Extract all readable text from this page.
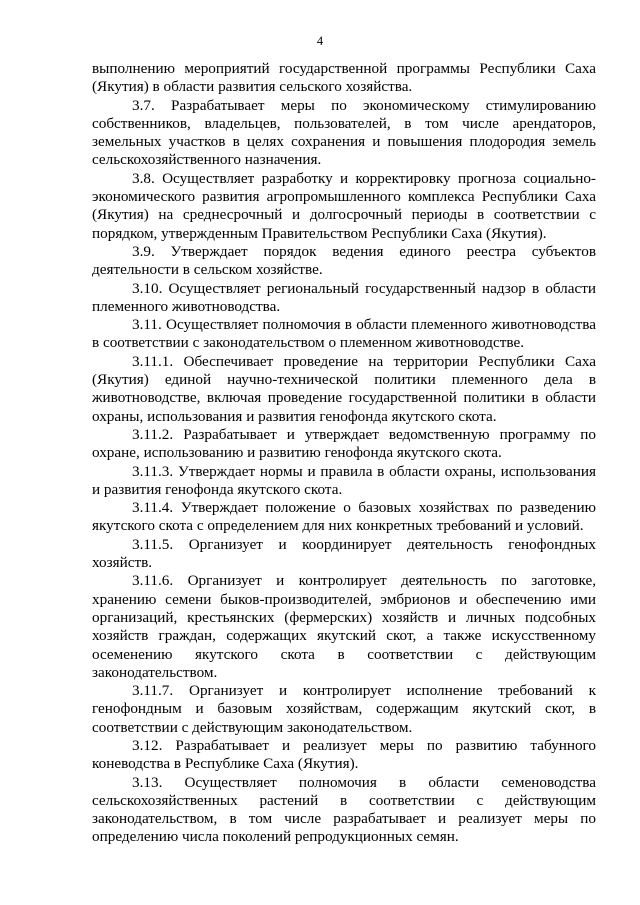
4

выполнению мероприятий государственной программы Республики Саха (Якутия) в области развития сельского хозяйства.

3.7. Разрабатывает меры по экономическому стимулированию собственников, владельцев, пользователей, в том числе арендаторов, земельных участков в целях сохранения и повышения плодородия земель сельскохозяйственного назначения.

3.8. Осуществляет разработку и корректировку прогноза социально-экономического развития агропромышленного комплекса Республики Саха (Якутия) на среднесрочный и долгосрочный периоды в соответствии с порядком, утвержденным Правительством Республики Саха (Якутия).

3.9. Утверждает порядок ведения единого реестра субъектов деятельности в сельском хозяйстве.

3.10. Осуществляет региональный государственный надзор в области племенного животноводства.

3.11. Осуществляет полномочия в области племенного животноводства в соответствии с законодательством о племенном животноводстве.

3.11.1. Обеспечивает проведение на территории Республики Саха (Якутия) единой научно-технической политики племенного дела в животноводстве, включая проведение государственной политики в области охраны, использования и развития генофонда якутского скота.

3.11.2. Разрабатывает и утверждает ведомственную программу по охране, использованию и развитию генофонда якутского скота.

3.11.3. Утверждает нормы и правила в области охраны, использования и развития генофонда якутского скота.

3.11.4. Утверждает положение о базовых хозяйствах по разведению якутского скота с определением для них конкретных требований и условий.

3.11.5. Организует и координирует деятельность генофондных хозяйств.

3.11.6. Организует и контролирует деятельность по заготовке, хранению семени быков-производителей, эмбрионов и обеспечению ими организаций, крестьянских (фермерских) хозяйств и личных подсобных хозяйств граждан, содержащих якутский скот, а также искусственному осеменению якутского скота в соответствии с действующим законодательством.

3.11.7. Организует и контролирует исполнение требований к генофондным и базовым хозяйствам, содержащим якутский скот, в соответствии с действующим законодательством.

3.12. Разрабатывает и реализует меры по развитию табунного коневодства в Республике Саха (Якутия).

3.13. Осуществляет полномочия в области семеноводства сельскохозяйственных растений в соответствии с действующим законодательством, в том числе разрабатывает и реализует меры по определению числа поколений репродукционных семян.
